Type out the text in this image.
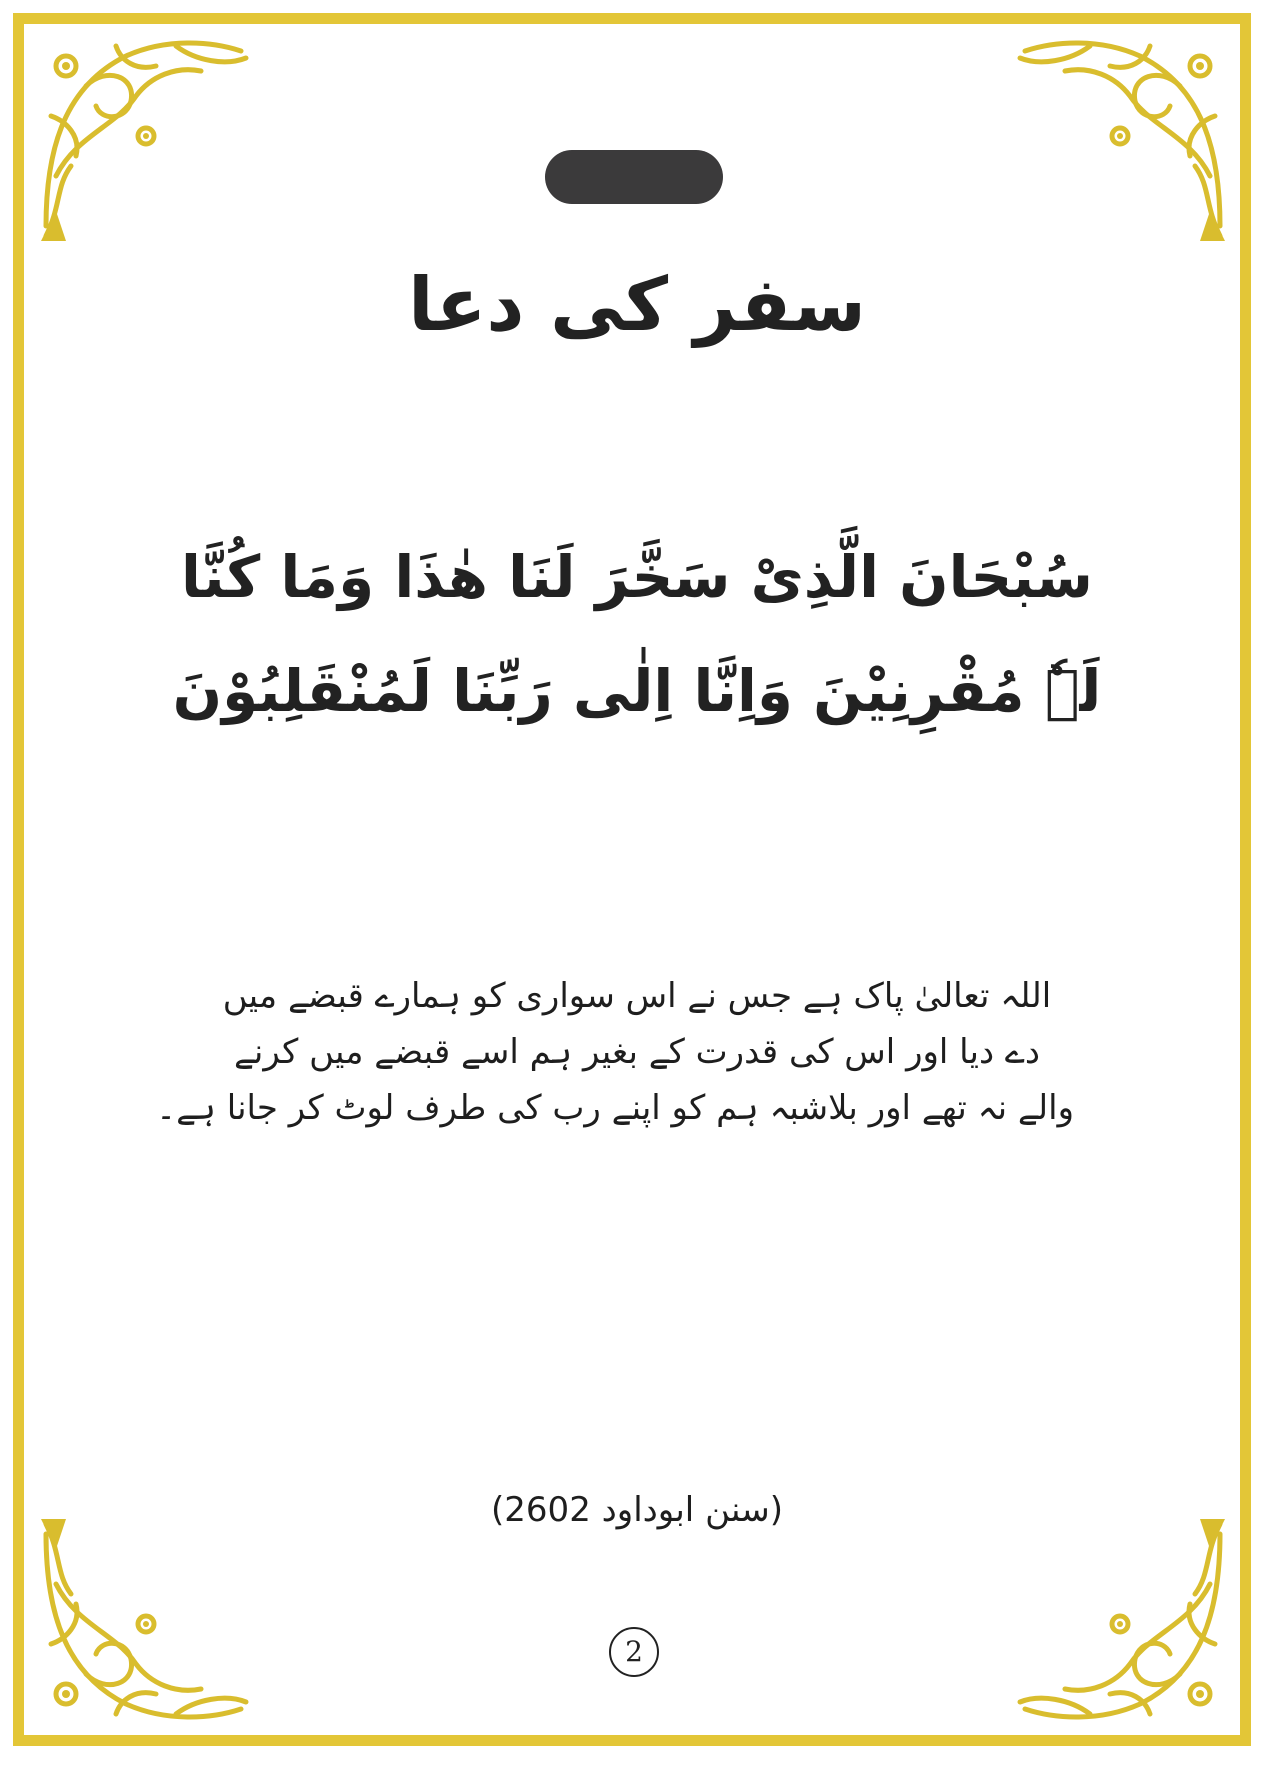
سفر کی دعا
سُبْحَانَ الَّذِیْ سَخَّرَ لَنَا ھٰذَا وَمَا کُنَّا
لَہٗ مُقْرِنِیْنَ وَاِنَّا اِلٰی رَبِّنَا لَمُنْقَلِبُوْنَ
اللہ تعالیٰ پاک ہے جس نے اس سواری کو ہمارے قبضے میں
دے دیا اور اس کی قدرت کے بغیر ہم اسے قبضے میں کرنے
والے نہ تھے اور بلاشبہ ہم کو اپنے رب کی طرف لوٹ کر جانا ہے۔
(سنن ابوداود 2602)
2
